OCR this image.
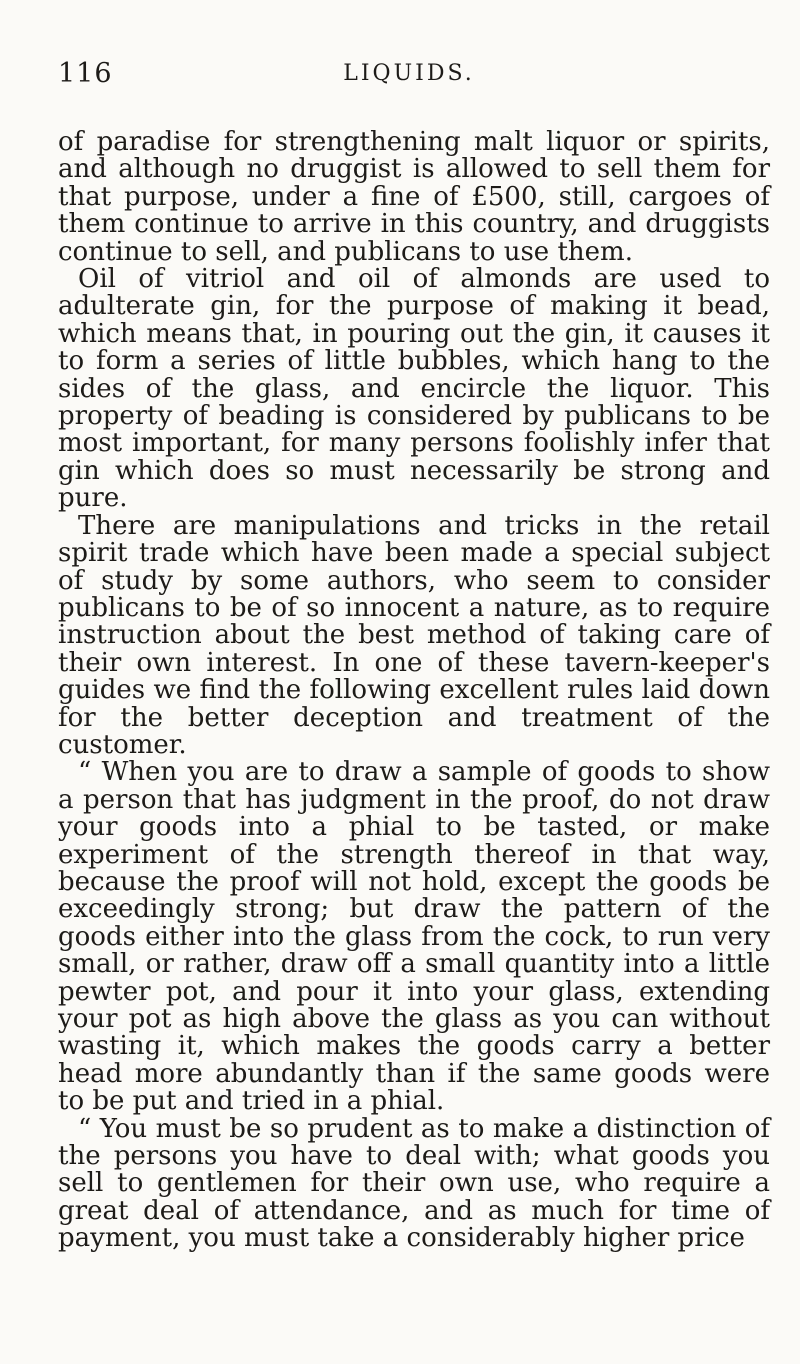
116	LIQUIDS.

of paradise for strengthening malt liquor or spirits, and although no druggist is allowed to sell them for that purpose, under a fine of £500, still, cargoes of them continue to arrive in this country, and druggists continue to sell, and publicans to use them.

Oil of vitriol and oil of almonds are used to adulterate gin, for the purpose of making it bead, which means that, in pouring out the gin, it causes it to form a series of little bubbles, which hang to the sides of the glass, and encircle the liquor. This property of beading is considered by publicans to be most important, for many persons foolishly infer that gin which does so must necessarily be strong and pure.

There are manipulations and tricks in the retail spirit trade which have been made a special subject of study by some authors, who seem to consider publicans to be of so innocent a nature, as to require instruction about the best method of taking care of their own interest. In one of these tavern-keeper's guides we find the following excellent rules laid down for the better deception and treatment of the customer.

“ When you are to draw a sample of goods to show a person that has judgment in the proof, do not draw your goods into a phial to be tasted, or make experiment of the strength thereof in that way, because the proof will not hold, except the goods be exceedingly strong; but draw the pattern of the goods either into the glass from the cock, to run very small, or rather, draw off a small quantity into a little pewter pot, and pour it into your glass, extending your pot as high above the glass as you can without wasting it, which makes the goods carry a better head more abundantly than if the same goods were to be put and tried in a phial.

“ You must be so prudent as to make a distinction of the persons you have to deal with; what goods you sell to gentlemen for their own use, who require a great deal of attendance, and as much for time of payment, you must take a considerably higher price
